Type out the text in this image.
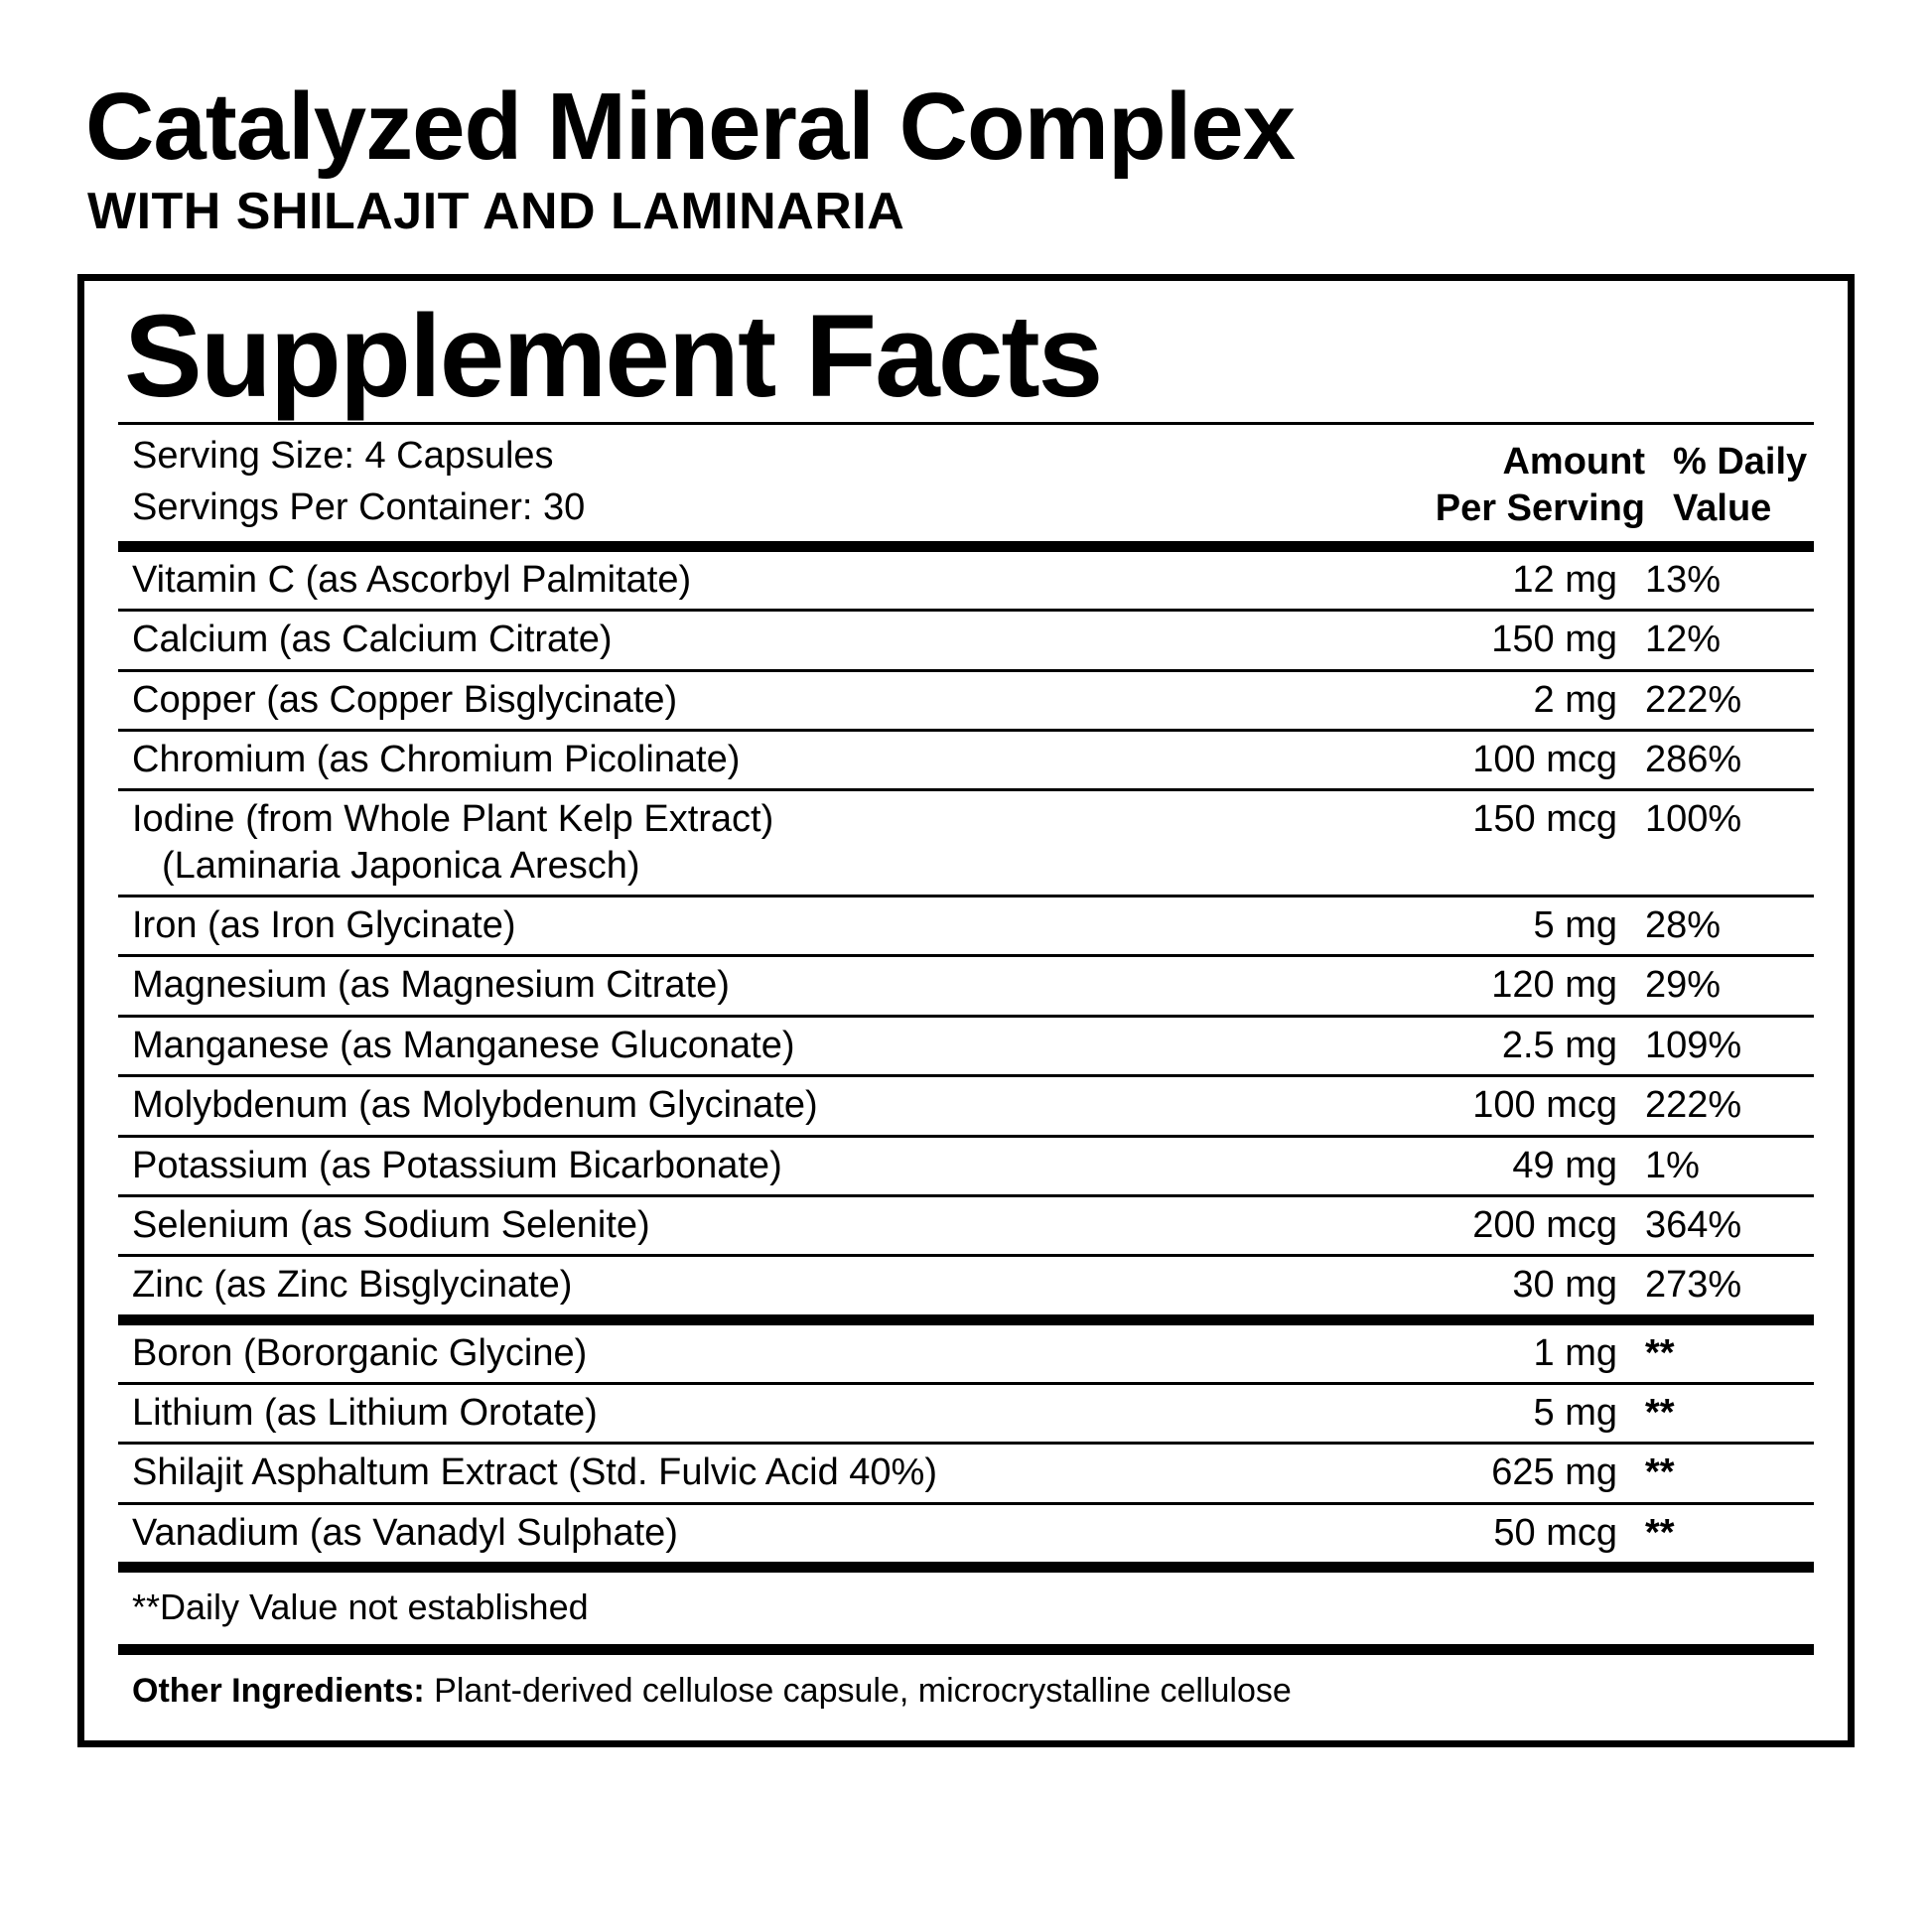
Catalyzed Mineral Complex
WITH SHILAJIT AND LAMINARIA
Supplement Facts
Serving Size: 4 Capsules
Servings Per Container: 30
Amount
Per Serving
% Daily
Value
Vitamin C (as Ascorbyl Palmitate)	12 mg	13%
Calcium (as Calcium Citrate)	150 mg	12%
Copper (as Copper Bisglycinate)	2 mg	222%
Chromium (as Chromium Picolinate)	100 mcg	286%
Iodine (from Whole Plant Kelp Extract)
(Laminaria Japonica Aresch)	150 mcg	100%
Iron (as Iron Glycinate)	5 mg	28%
Magnesium (as Magnesium Citrate)	120 mg	29%
Manganese (as Manganese Gluconate)	2.5 mg	109%
Molybdenum (as Molybdenum Glycinate)	100 mcg	222%
Potassium (as Potassium Bicarbonate)	49 mg	1%
Selenium (as Sodium Selenite)	200 mcg	364%
Zinc (as Zinc Bisglycinate)	30 mg	273%
Boron (Bororganic Glycine)	1 mg	**
Lithium (as Lithium Orotate)	5 mg	**
Shilajit Asphaltum Extract (Std. Fulvic Acid 40%)	625 mg	**
Vanadium (as Vanadyl Sulphate)	50 mcg	**
**Daily Value not established
Other Ingredients: Plant-derived cellulose capsule, microcrystalline cellulose
